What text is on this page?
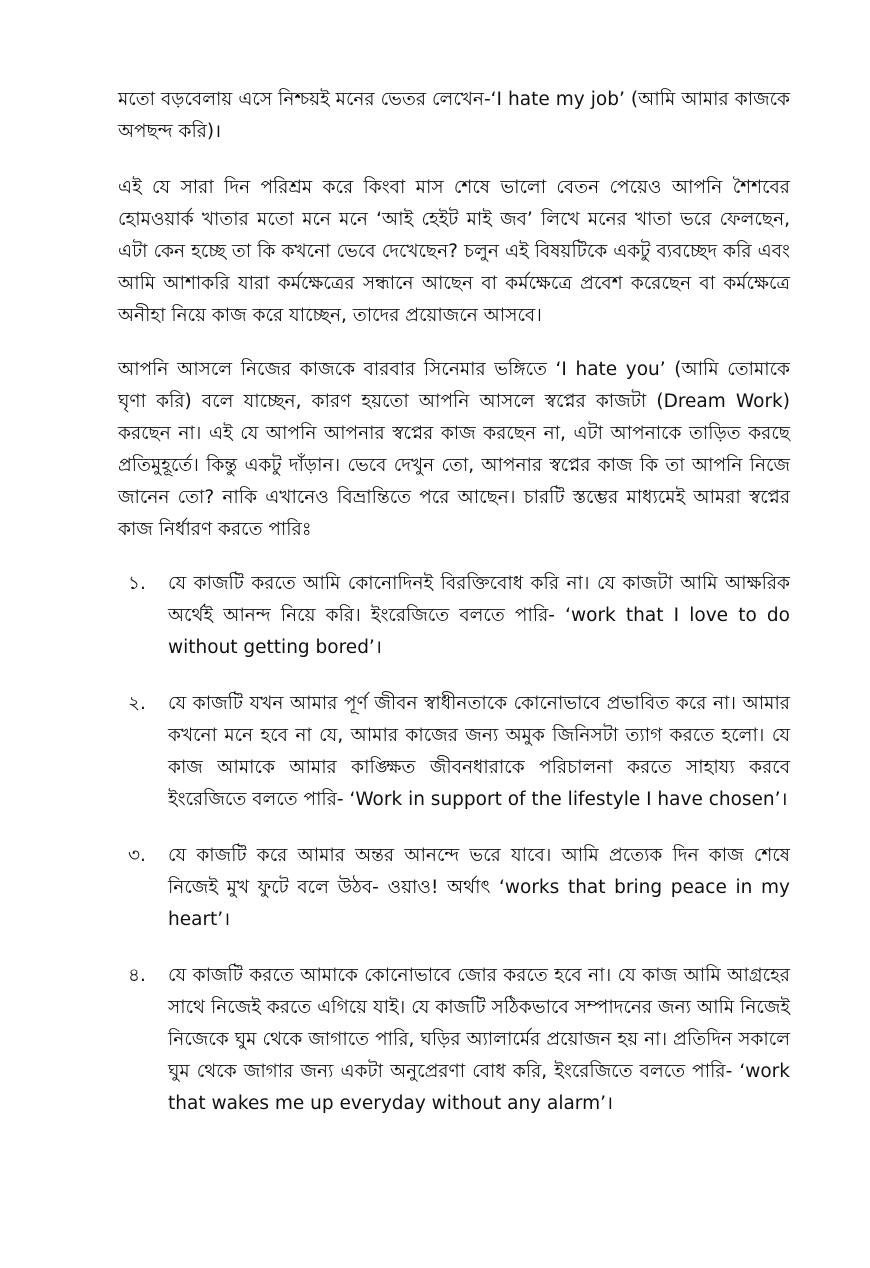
মতো বড়বেলায় এসে নিশ্চয়ই মনের ভেতর লেখেন-‘I hate my job’ (আমি আমার কাজকে অপছন্দ করি)।

এই যে সারা দিন পরিশ্রম করে কিংবা মাস শেষে ভালো বেতন পেয়েও আপনি শৈশবের হোমওয়ার্ক খাতার মতো মনে মনে ‘আই হেইট মাই জব’ লিখে মনের খাতা ভরে ফেলছেন, এটা কেন হচ্ছে তা কি কখনো ভেবে দেখেছেন? চলুন এই বিষয়টিকে একটু ব্যবচ্ছেদ করি এবং আমি আশাকরি যারা কর্মক্ষেত্রের সন্ধানে আছেন বা কর্মক্ষেত্রে প্রবেশ করেছেন বা কর্মক্ষেত্রে অনীহা নিয়ে কাজ করে যাচ্ছেন, তাদের প্রয়োজনে আসবে।

আপনি আসলে নিজের কাজকে বারবার সিনেমার ভঙ্গিতে ‘I hate you’ (আমি তোমাকে ঘৃণা করি) বলে যাচ্ছেন, কারণ হয়তো আপনি আসলে স্বপ্নের কাজটা (Dream Work) করছেন না। এই যে আপনি আপনার স্বপ্নের কাজ করছেন না, এটা আপনাকে তাড়িত করছে প্রতিমুহূর্তে। কিন্তু একটু দাঁড়ান। ভেবে দেখুন তো, আপনার স্বপ্নের কাজ কি তা আপনি নিজে জানেন তো? নাকি এখানেও বিভ্রান্তিতে পরে আছেন। চারটি স্তম্ভের মাধ্যমেই আমরা স্বপ্নের কাজ নির্ধারণ করতে পারিঃ

১.	যে কাজটি করতে আমি কোনোদিনই বিরক্তিবোধ করি না। যে কাজটা আমি আক্ষরিক অর্থেই আনন্দ নিয়ে করি। ইংরেজিতে বলতে পারি- ‘work that I love to do without getting bored’।
২.	যে কাজটি যখন আমার পূর্ণ জীবন স্বাধীনতাকে কোনোভাবে প্রভাবিত করে না। আমার কখনো মনে হবে না যে, আমার কাজের জন্য অমুক জিনিসটা ত্যাগ করতে হলো। যে কাজ আমাকে আমার কাঙ্ক্ষিত জীবনধারাকে পরিচালনা করতে সাহায্য করবে ইংরেজিতে বলতে পারি- ‘Work in support of the lifestyle I have chosen’।
৩.	যে কাজটি করে আমার অন্তর আনন্দে ভরে যাবে। আমি প্রত্যেক দিন কাজ শেষে নিজেই মুখ ফুটে বলে উঠব- ওয়াও! অর্থাৎ ‘works that bring peace in my heart’।
৪.	যে কাজটি করতে আমাকে কোনোভাবে জোর করতে হবে না। যে কাজ আমি আগ্রহের সাথে নিজেই করতে এগিয়ে যাই। যে কাজটি সঠিকভাবে সম্পাদনের জন্য আমি নিজেই নিজেকে ঘুম থেকে জাগাতে পারি, ঘড়ির অ্যালার্মের প্রয়োজন হয় না। প্রতিদিন সকালে ঘুম থেকে জাগার জন্য একটা অনুপ্রেরণা বোধ করি, ইংরেজিতে বলতে পারি- ‘work that wakes me up everyday without any alarm’।
